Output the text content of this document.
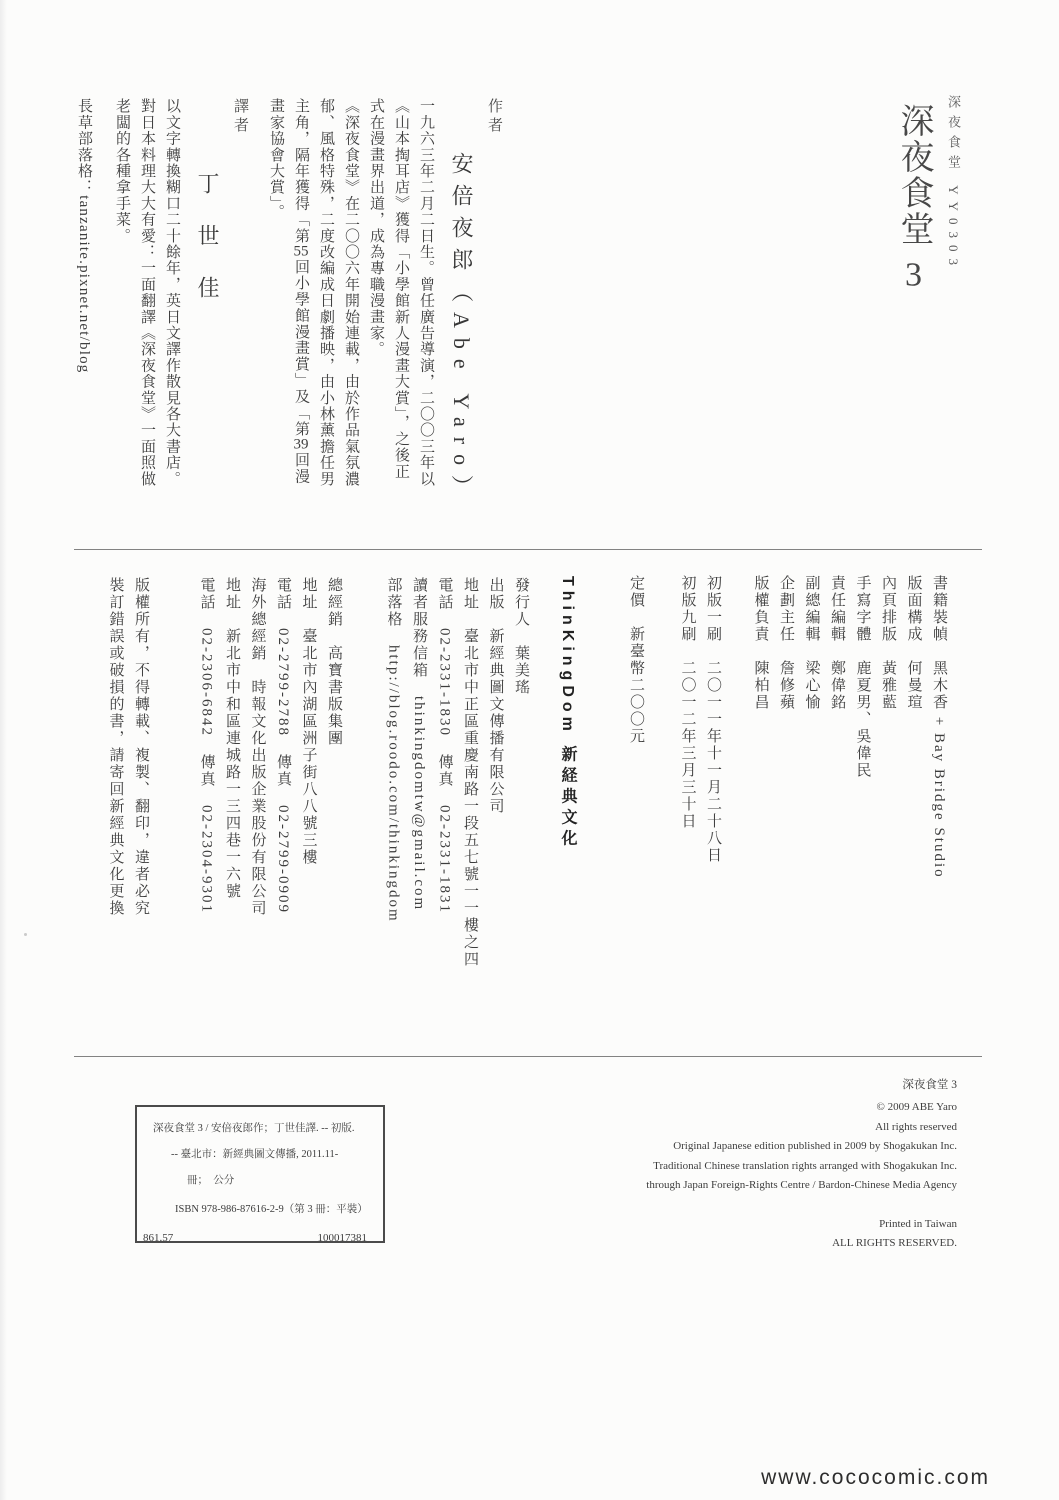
深夜食堂 YY0303
深夜食堂 3

作者

安倍夜郎（Abe Yaro）

一九六三年二月二日生。曾任廣告導演，二〇〇三年以

《山本掏耳店》獲得「小學館新人漫畫大賞」，之後正

式在漫畫界出道，成為專職漫畫家。

《深夜食堂》在二〇〇六年開始連載，由於作品氣氛濃

郁、風格特殊，二度改編成日劇播映，由小林薰擔任男

主角，隔年獲得「第55回小學館漫畫賞」及「第39回漫

畫家協會大賞」。

譯者

丁世佳

以文字轉換糊口二十餘年，英日文譯作散見各大書店。

對日本料理大大有愛：一面翻譯《深夜食堂》一面照做

老闆的各種拿手菜。

長草部落格：tanzanite.pixnet.net/blog

書籍裝幀　黑木香 + Bay Bridge Studio

版面構成　何曼瑄

內頁排版　黃雅藍

手寫字體　鹿夏男、吳偉民

責任編輯　鄭偉銘

副總編輯　梁心愉

企劃主任　詹修蘋

版權負責　陳柏昌

初版一刷　二〇一一年十一月二十八日

初版九刷　二〇一二年三月三十日

定價　新臺幣二〇〇元

ThinKingDom 新経典文化

發行人　葉美瑤

出版　新經典圖文傳播有限公司

地址　臺北市中正區重慶南路一段五七號一一樓之四

電話　02-2331-1830　傳真　02-2331-1831

讀者服務信箱　thinkingdomtw@gmail.com

部落格　http://blog.roodo.com/thinkingdom

總經銷　高寶書版集團

地址　臺北市內湖區洲子街八八號三樓

電話　02-2799-2788　傳真　02-2799-0909

海外總經銷　時報文化出版企業股份有限公司

地址　新北市中和區連城路一三四巷一六號

電話　02-2306-6842　傳真　02-2304-9301

版權所有，不得轉載、複製、翻印，違者必究

裝訂錯誤或破損的書，請寄回新經典文化更換

深夜食堂 3 / 安倍夜郎作；丁世佳譯. -- 初版.

-- 臺北市：新經典圖文傳播, 2011.11-

冊；　公分

ISBN 978-986-87616-2-9（第 3 冊：平裝）

861.57	100017381

深夜食堂 3

© 2009 ABE Yaro

All rights reserved

Original Japanese edition published in 2009 by Shogakukan Inc.

Traditional Chinese translation rights arranged with Shogakukan Inc.

through Japan Foreign-Rights Centre / Bardon-Chinese Media Agency

Printed in Taiwan

ALL RIGHTS RESERVED.

www.cococomic.com
